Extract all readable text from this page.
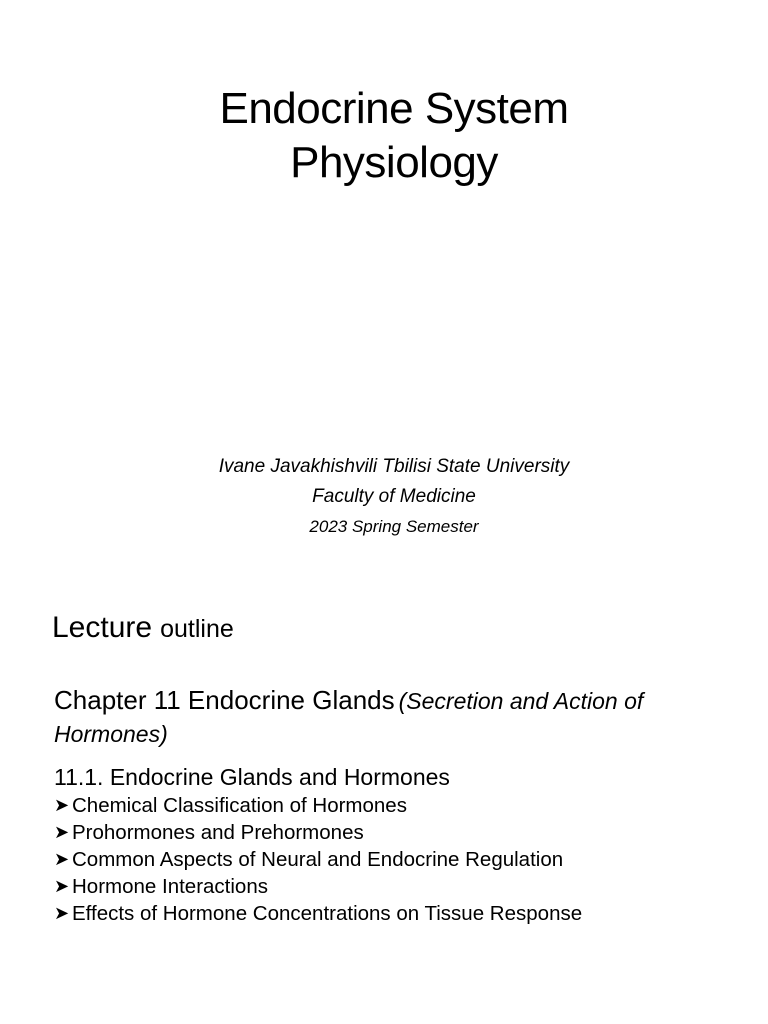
Endocrine System
Physiology
Ivane Javakhishvili Tbilisi State University
Faculty of Medicine
2023 Spring Semester
Lecture outline
Chapter 11 Endocrine Glands (Secretion and Action of Hormones)
11.1. Endocrine Glands and Hormones
➤ Chemical Classification of Hormones
➤ Prohormones and Prehormones
➤ Common Aspects of Neural and Endocrine Regulation
➤ Hormone Interactions
➤ Effects of Hormone Concentrations on Tissue Response
